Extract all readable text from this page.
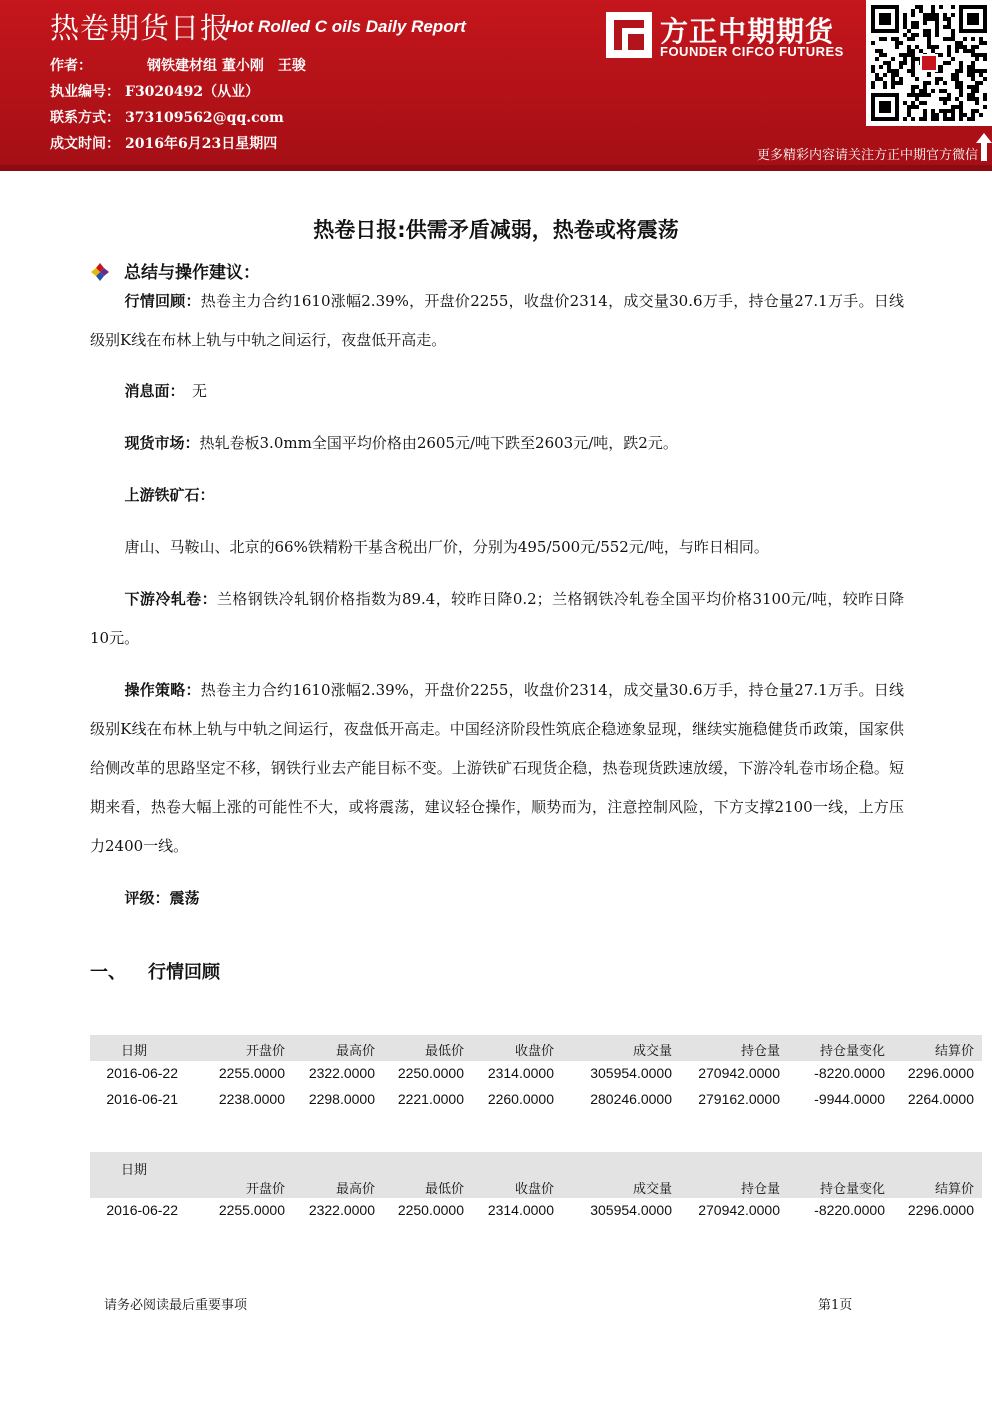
热卷期货日报
Hot Rolled C oils Daily Report
作者：	钢铁建材组 董小刚　王骏
执业编号： F3020492（从业）
联系方式： 373109562@qq.com
成文时间： 2016年6月23日星期四
方正中期期货
FOUNDER CIFCO FUTURES
更多精彩内容请关注方正中期官方微信
热卷日报:供需矛盾减弱，热卷或将震荡
总结与操作建议：
行情回顾：热卷主力合约1610涨幅2.39%，开盘价2255，收盘价2314，成交量30.6万手，持仓量27.1万手。日线级别K线在布林上轨与中轨之间运行，夜盘低开高走。
消息面：　无
现货市场：热轧卷板3.0mm全国平均价格由2605元/吨下跌至2603元/吨，跌2元。
上游铁矿石：
唐山、马鞍山、北京的66%铁精粉干基含税出厂价，分别为495/500元/552元/吨，与昨日相同。
下游冷轧卷：兰格钢铁冷轧钢价格指数为89.4，较昨日降0.2；兰格钢铁冷轧卷全国平均价格3100元/吨，较昨日降10元。
操作策略：热卷主力合约1610涨幅2.39%，开盘价2255，收盘价2314，成交量30.6万手，持仓量27.1万手。日线级别K线在布林上轨与中轨之间运行，夜盘低开高走。中国经济阶段性筑底企稳迹象显现，继续实施稳健货币政策，国家供给侧改革的思路坚定不移，钢铁行业去产能目标不变。上游铁矿石现货企稳，热卷现货跌速放缓，下游冷轧卷市场企稳。短期来看，热卷大幅上涨的可能性不大，或将震荡，建议轻仓操作，顺势而为，注意控制风险，下方支撑2100一线，上方压力2400一线。
评级：震荡
一、 行情回顾
日期	开盘价	最高价	最低价	收盘价	成交量	持仓量	持仓量变化	结算价
2016-06-22	2255.0000	2322.0000	2250.0000	2314.0000	305954.0000	270942.0000	-8220.0000	2296.0000
2016-06-21	2238.0000	2298.0000	2221.0000	2260.0000	280246.0000	279162.0000	-9944.0000	2264.0000
日期
开盘价	最高价	最低价	收盘价	成交量	持仓量	持仓量变化	结算价
2016-06-22	2255.0000	2322.0000	2250.0000	2314.0000	305954.0000	270942.0000	-8220.0000	2296.0000
请务必阅读最后重要事项	第1页
